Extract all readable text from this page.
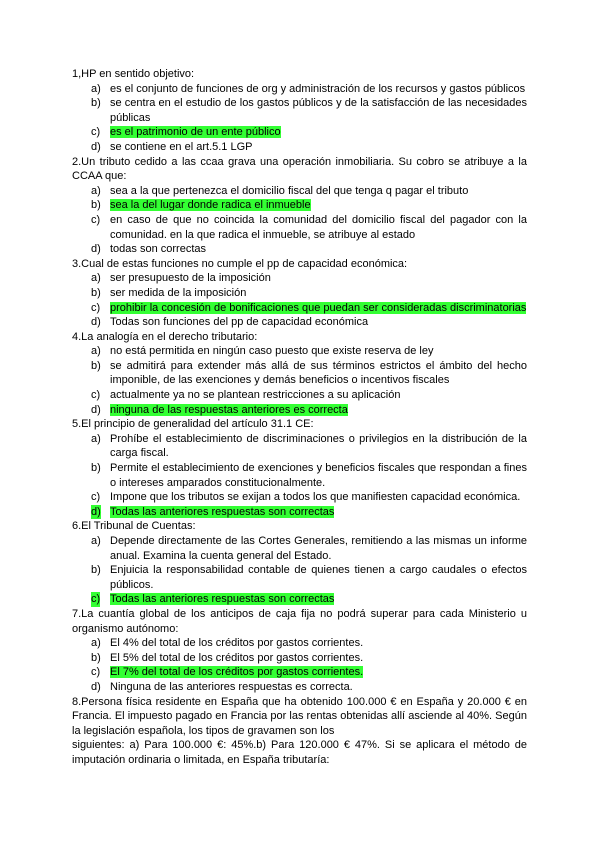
1,HP en sentido objetivo:

a) es el conjunto de funciones de org y administración de los recursos y gastos públicos
b) se centra en el estudio de los gastos públicos y de la satisfacción de las necesidades públicas
c) es el patrimonio de un ente público
d) se contiene en el art.5.1 LGP

2.Un tributo cedido a las ccaa grava una operación inmobiliaria. Su cobro se atribuye a la CCAA que:

a) sea a la que pertenezca el domicilio fiscal del que tenga q pagar el tributo
b) sea la del lugar donde radica el inmueble
c) en caso de que no coincida la comunidad del domicilio fiscal del pagador con la comunidad. en la que radica el inmueble, se atribuye al estado
d) todas son correctas

3.Cual de estas funciones no cumple el pp de capacidad económica:

a) ser presupuesto de la imposición
b) ser medida de la imposición
c) prohibir la concesión de bonificaciones que puedan ser consideradas discriminatorias
d) Todas son funciones del pp de capacidad económica

4.La analogía en el derecho tributario:

a) no está permitida en ningún caso puesto que existe reserva de ley
b) se admitirá para extender más allá de sus términos estrictos el ámbito del hecho imponible, de las exenciones y demás beneficios o incentivos fiscales
c) actualmente ya no se plantean restricciones a su aplicación
d) ninguna de las respuestas anteriores es correcta

5.El principio de generalidad del artículo 31.1 CE:

a) Prohíbe el establecimiento de discriminaciones o privilegios en la distribución de la carga fiscal.
b) Permite el establecimiento de exenciones y beneficios fiscales que respondan a fines o intereses amparados constitucionalmente.
c) Impone que los tributos se exijan a todos los que manifiesten capacidad económica.
d) Todas las anteriores respuestas son correctas

6.El Tribunal de Cuentas:

a) Depende directamente de las Cortes Generales, remitiendo a las mismas un informe anual. Examina la cuenta general del Estado.
b) Enjuicia la responsabilidad contable de quienes tienen a cargo caudales o efectos públicos.
c) Todas las anteriores respuestas son correctas

7.La cuantía global de los anticipos de caja fija no podrá superar para cada Ministerio u organismo autónomo:

a) El 4% del total de los créditos por gastos corrientes.
b) El 5% del total de los créditos por gastos corrientes.
c) El 7% del total de los créditos por gastos corrientes.
d) Ninguna de las anteriores respuestas es correcta.

8.Persona física residente en España que ha obtenido 100.000 € en España y 20.000 € en Francia. El impuesto pagado en Francia por las rentas obtenidas allí asciende al 40%. Según la legislación española, los tipos de gravamen son los

siguientes: a) Para 100.000 €: 45%.b) Para 120.000 € 47%. Si se aplicara el método de imputación ordinaria o limitada, en España tributaría:
